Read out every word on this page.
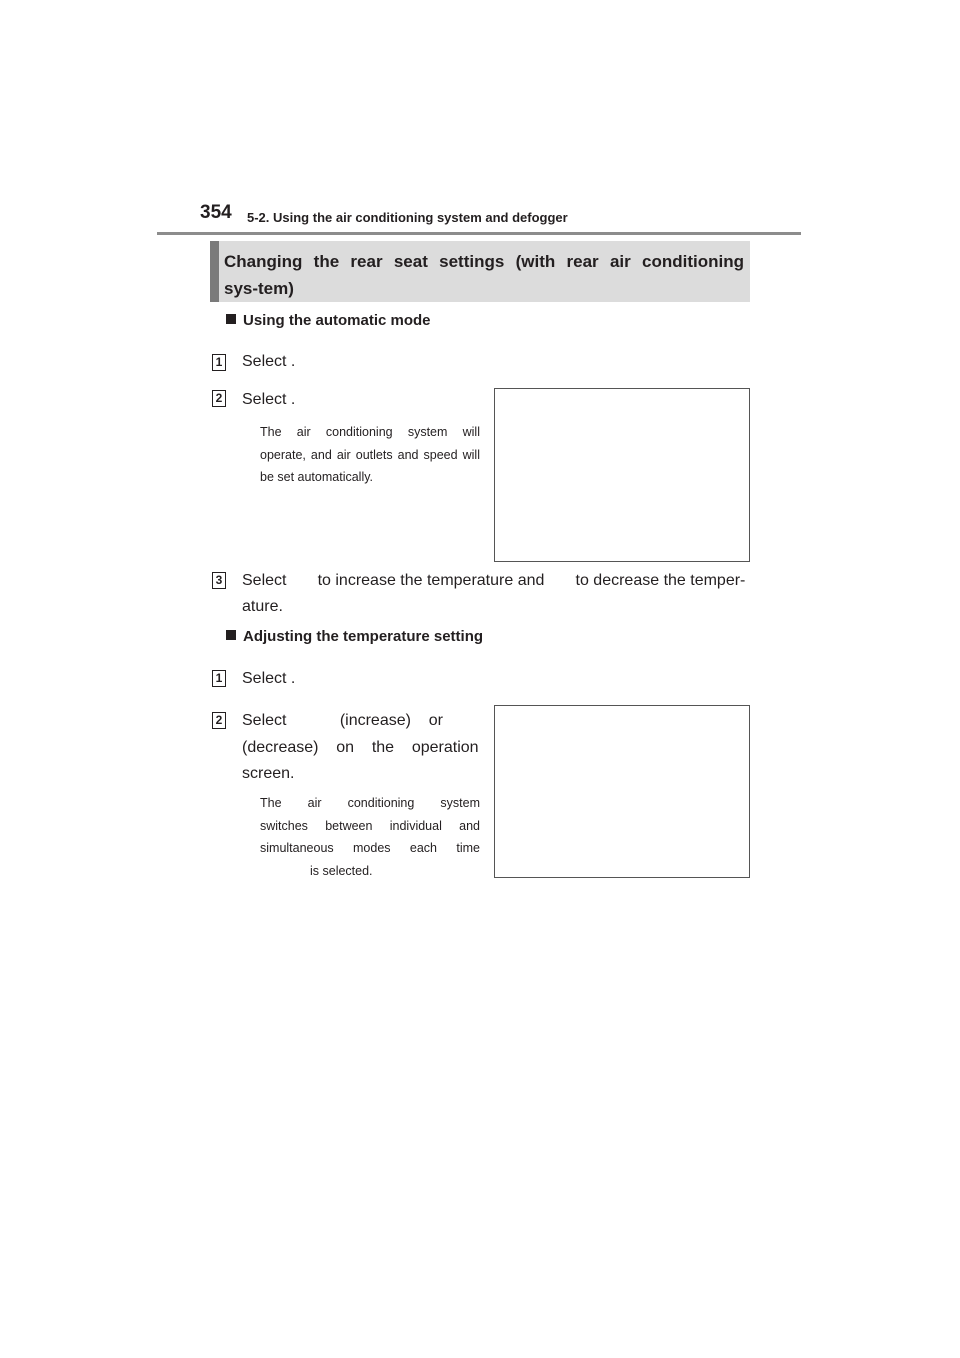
354 5-2. Using the air conditioning system and defogger
Changing the rear seat settings (with rear air conditioning sys-tem)
Using the automatic mode
1 Select .
2 Select .
The air conditioning system will operate, and air outlets and speed will be set automatically.
3 Select       to increase the temperature and       to decrease the temper-
ature.
Adjusting the temperature setting
1 Select .
2 Select            (increase)    or
(decrease)    on    the    operation
screen.
The air conditioning system
switches between individual and
simultaneous modes each time
is selected.
